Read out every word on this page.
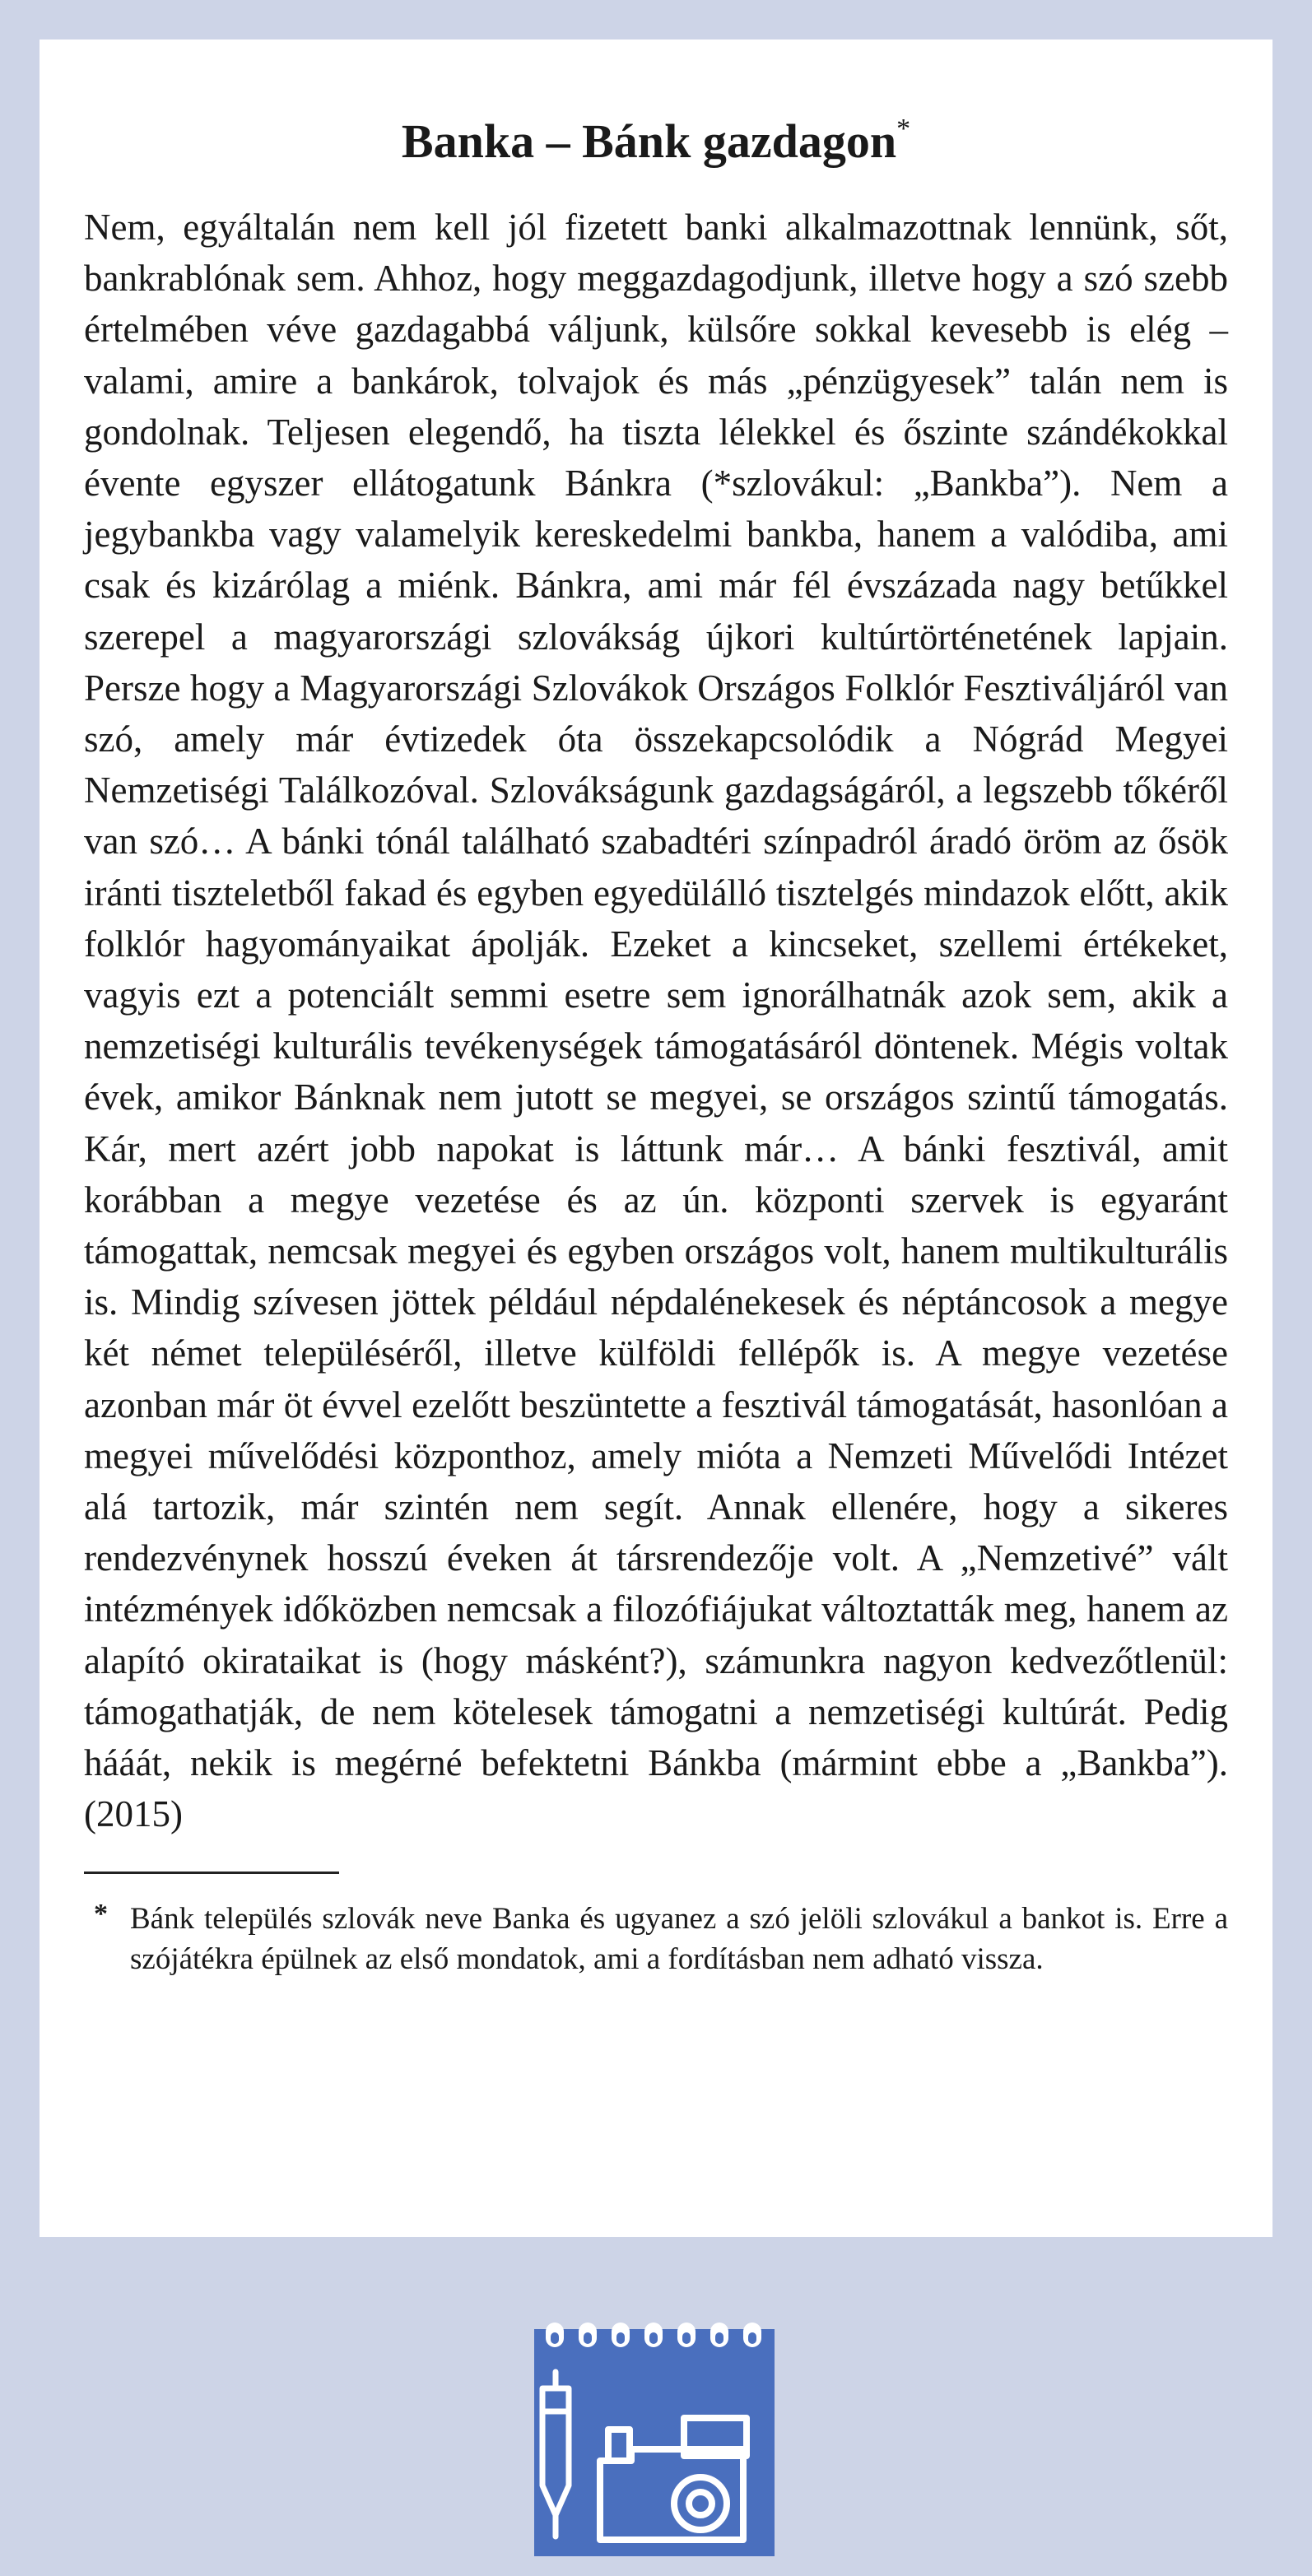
Banka – Bánk gazdagon*

Nem, egyáltalán nem kell jól fizetett banki alkalmazottnak lennünk, sőt, bankrablónak sem. Ahhoz, hogy meggazdagodjunk, illetve hogy a szó szebb értelmében véve gazdagabbá váljunk, külsőre sokkal kevesebb is elég – valami, amire a bankárok, tolvajok és más „pénzügyesek” talán nem is gondolnak. Teljesen elegendő, ha tiszta lélekkel és őszinte szándékokkal évente egyszer ellátogatunk Bánkra (*szlovákul: „Bankba”). Nem a jegybankba vagy valamelyik kereskedelmi bankba, hanem a valódiba, ami csak és kizárólag a miénk. Bánkra, ami már fél évszázada nagy betűkkel szerepel a magyarországi szlovákság újkori kultúrtörténetének lapjain. Persze hogy a Magyarországi Szlovákok Országos Folklór Fesztiváljáról van szó, amely már évtizedek óta összekapcsolódik a Nógrád Megyei Nemzetiségi Találkozóval. Szlovákságunk gazdagságáról, a legszebb tőkéről van szó… A bánki tónál található szabadtéri színpadról áradó öröm az ősök iránti tiszteletből fakad és egyben egyedülálló tisztelgés mindazok előtt, akik folklór hagyományaikat ápolják. Ezeket a kincseket, szellemi értékeket, vagyis ezt a potenciált semmi esetre sem ignorálhatnák azok sem, akik a nemzetiségi kulturális tevékenységek támogatásáról döntenek. Mégis voltak évek, amikor Bánknak nem jutott se megyei, se országos szintű támogatás. Kár, mert azért jobb napokat is láttunk már… A bánki fesztivál, amit korábban a megye vezetése és az ún. központi szervek is egyaránt támogattak, nemcsak megyei és egyben országos volt, hanem multikulturális is. Mindig szívesen jöttek például népdalénekesek és néptáncosok a megye két német településéről, illetve külföldi fellépők is. A megye vezetése azonban már öt évvel ezelőtt beszüntette a fesztivál támogatását, hasonlóan a megyei művelődési központhoz, amely mióta a Nemzeti Művelődi Intézet alá tartozik, már szintén nem segít. Annak ellenére, hogy a sikeres rendezvénynek hosszú éveken át társrendezője volt. A „Nemzetivé” vált intézmények időközben nemcsak a filozófiájukat változtatták meg, hanem az alapító okirataikat is (hogy másként?), számunkra nagyon kedvezőtlenül: támogathatják, de nem kötelesek támogatni a nemzetiségi kultúrát. Pedig hááát, nekik is megérné befektetni Bánkba (mármint ebbe a „Bankba”). (2015)

* Bánk település szlovák neve Banka és ugyanez a szó jelöli szlovákul a bankot is. Erre a szójátékra épülnek az első mondatok, ami a fordításban nem adható vissza.
